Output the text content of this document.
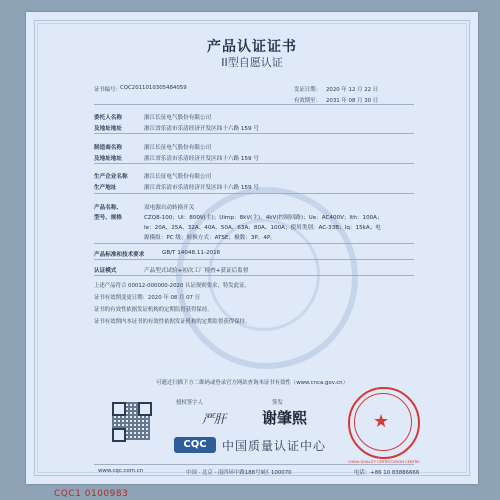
产品认证证书
II型自愿认证
证书编号： CQC2011010305484059	发证日期： 2020 年 12 月 22 日
有效期至： 2031 年 08 月 30 日
委托人名称	浙江长征电气股份有限公司
及地址地址	浙江省乐清市乐清经济开发区纬十六路 159 号
制造商名称	浙江长征电气股份有限公司
及地址地址	浙江省乐清市乐清经济开发区纬十六路 159 号
生产企业名称	浙江长征电气股份有限公司
生产地址	浙江省乐清市乐清经济开发区纬十六路 159 号
产品名称、
型号、规格
双电源自动转换开关
CZQ8-100；Ui：800V(主)；Uimp：8kV(主)、4kV(控制回路)；Ue：AC400V；Ith：100A；
Ie：20A、25A、32A、40A、50A、63A、80A、100A；使用类别：AC-33B；Iq：15kA；电
源模组：PC 级；转换方式：ATSE；极数：3P、4P。
产品标准和技术要求	GB/T 14048.11-2016
认证模式	产品型式试验+初次工厂检查+获证后监督
上述产品符合 00012-000000-2020 认证规则要求，特发此证。
证书有效期变更日期：2020 年 08 月 07 日
证书的有效性依据发证机构的定期监督获得保持。
证书有效期内本证书的有效性依据发证机构的定期监督获得保持。
可通过扫描下方二维码或登录官方网站查询本证书有效性（www.cnca.gov.cn）
授权签字人	签发
严肝 谢肇熙
CQC	中国质量认证中心
★
CHINA QUALITY CERTIFICATION CENTRE
www.cqc.com.cn	中国 · 北京 · 南四环中路188号9区 100070	电话：+86 10 83886666
CQC1 0100983
